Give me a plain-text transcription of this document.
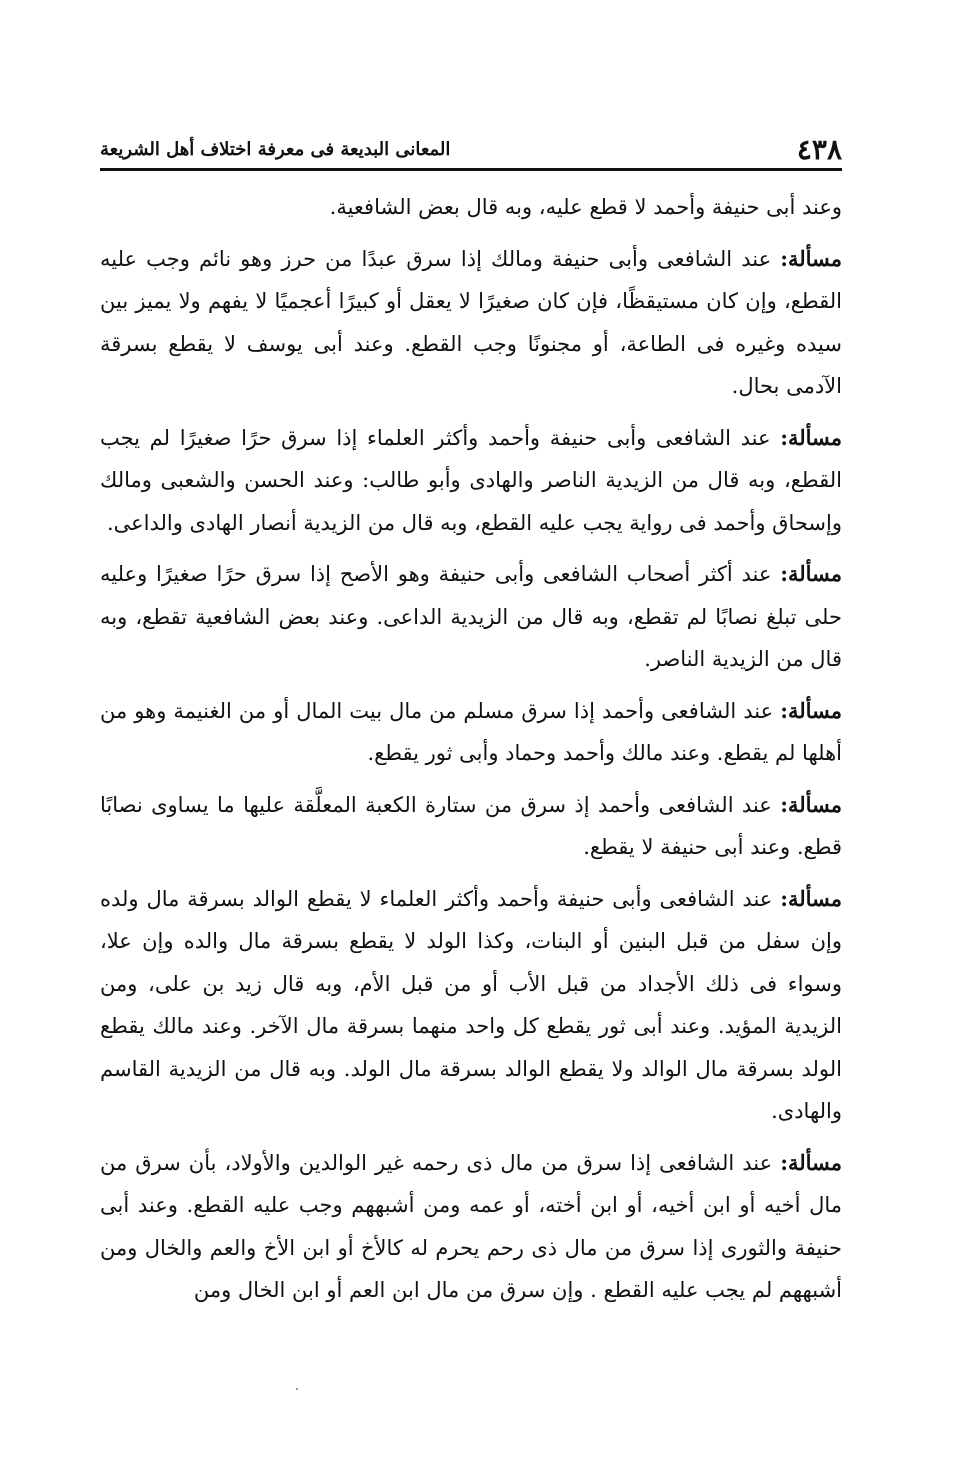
٤٣٨
المعانى البديعة فى معرفة اختلاف أهل الشريعة

وعند أبى حنيفة وأحمد لا قطع عليه، وبه قال بعض الشافعية.

مسألة: عند الشافعى وأبى حنيفة ومالك إذا سرق عبدًا من حرز وهو نائم وجب عليه القطع، وإن كان مستيقظًا، فإن كان صغيرًا لا يعقل أو كبيرًا أعجميًا لا يفهم ولا يميز بين سيده وغيره فى الطاعة، أو مجنونًا وجب القطع. وعند أبى يوسف لا يقطع بسرقة الآدمى بحال.

مسألة: عند الشافعى وأبى حنيفة وأحمد وأكثر العلماء إذا سرق حرًا صغيرًا لم يجب القطع، وبه قال من الزيدية الناصر والهادى وأبو طالب: وعند الحسن والشعبى ومالك وإسحاق وأحمد فى رواية يجب عليه القطع، وبه قال من الزيدية أنصار الهادى والداعى.

مسألة: عند أكثر أصحاب الشافعى وأبى حنيفة وهو الأصح إذا سرق حرًا صغيرًا وعليه حلى تبلغ نصابًا لم تقطع، وبه قال من الزيدية الداعى. وعند بعض الشافعية تقطع، وبه قال من الزيدية الناصر.

مسألة: عند الشافعى وأحمد إذا سرق مسلم من مال بيت المال أو من الغنيمة وهو من أهلها لم يقطع. وعند مالك وأحمد وحماد وأبى ثور يقطع.

مسألة: عند الشافعى وأحمد إذ سرق من ستارة الكعبة المعلَّقة عليها ما يساوى نصابًا قطع. وعند أبى حنيفة لا يقطع.

مسألة: عند الشافعى وأبى حنيفة وأحمد وأكثر العلماء لا يقطع الوالد بسرقة مال ولده وإن سفل من قبل البنين أو البنات، وكذا الولد لا يقطع بسرقة مال والده وإن علا، وسواء فى ذلك الأجداد من قبل الأب أو من قبل الأم، وبه قال زيد بن على، ومن الزيدية المؤيد. وعند أبى ثور يقطع كل واحد منهما بسرقة مال الآخر. وعند مالك يقطع الولد بسرقة مال الوالد ولا يقطع الوالد بسرقة مال الولد. وبه قال من الزيدية القاسم والهادى.

مسألة: عند الشافعى إذا سرق من مال ذى رحمه غير الوالدين والأولاد، بأن سرق من مال أخيه أو ابن أخيه، أو ابن أخته، أو عمه ومن أشبههم وجب عليه القطع. وعند أبى حنيفة والثورى إذا سرق من مال ذى رحم يحرم له كالأخ أو ابن الأخ والعم والخال ومن أشبههم لم يجب عليه القطع . وإن سرق من مال ابن العم أو ابن الخال ومن
